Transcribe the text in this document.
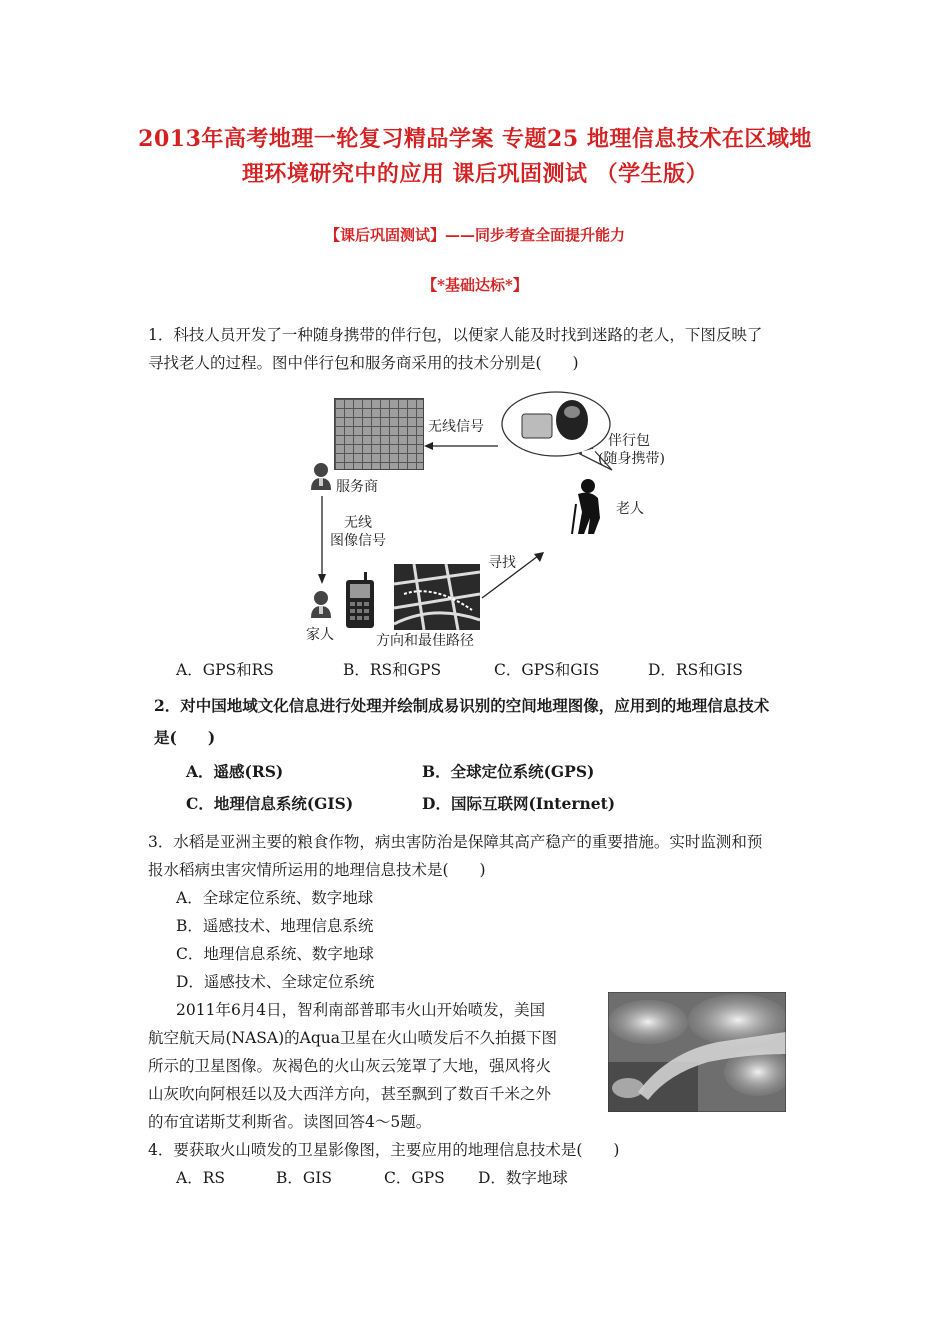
2013年高考地理一轮复习精品学案 专题25 地理信息技术在区域地
理环境研究中的应用 课后巩固测试 （学生版）
【课后巩固测试】——同步考查全面提升能力
【*基础达标*】
1．科技人员开发了一种随身携带的伴行包，以便家人能及时找到迷路的老人，下图反映了
寻找老人的过程。图中伴行包和服务商采用的技术分别是(　　)
无线信号
伴行包
(随身携带)
服务商
老人
无线
图像信号
家人	方向和最佳路径
寻找
A．GPS和RS	B．RS和GPS	C．GPS和GIS	D．RS和GIS
2．对中国地域文化信息进行处理并绘制成易识别的空间地理图像，应用到的地理信息技术
是(　　)
A．遥感(RS)	B．全球定位系统(GPS)
C．地理信息系统(GIS)	D．国际互联网(Internet)
3．水稻是亚洲主要的粮食作物，病虫害防治是保障其高产稳产的重要措施。实时监测和预
报水稻病虫害灾情所运用的地理信息技术是(　　)
A．全球定位系统、数字地球
B．遥感技术、地理信息系统
C．地理信息系统、数字地球
D．遥感技术、全球定位系统
2011年6月4日，智利南部普耶韦火山开始喷发，美国
航空航天局(NASA)的Aqua卫星在火山喷发后不久拍摄下图
所示的卫星图像。灰褐色的火山灰云笼罩了大地，强风将火
山灰吹向阿根廷以及大西洋方向，甚至飘到了数百千米之外
的布宜诺斯艾利斯省。读图回答4～5题。
4．要获取火山喷发的卫星影像图，主要应用的地理信息技术是(　　)
A．RS	B．GIS	C．GPS D．数字地球
